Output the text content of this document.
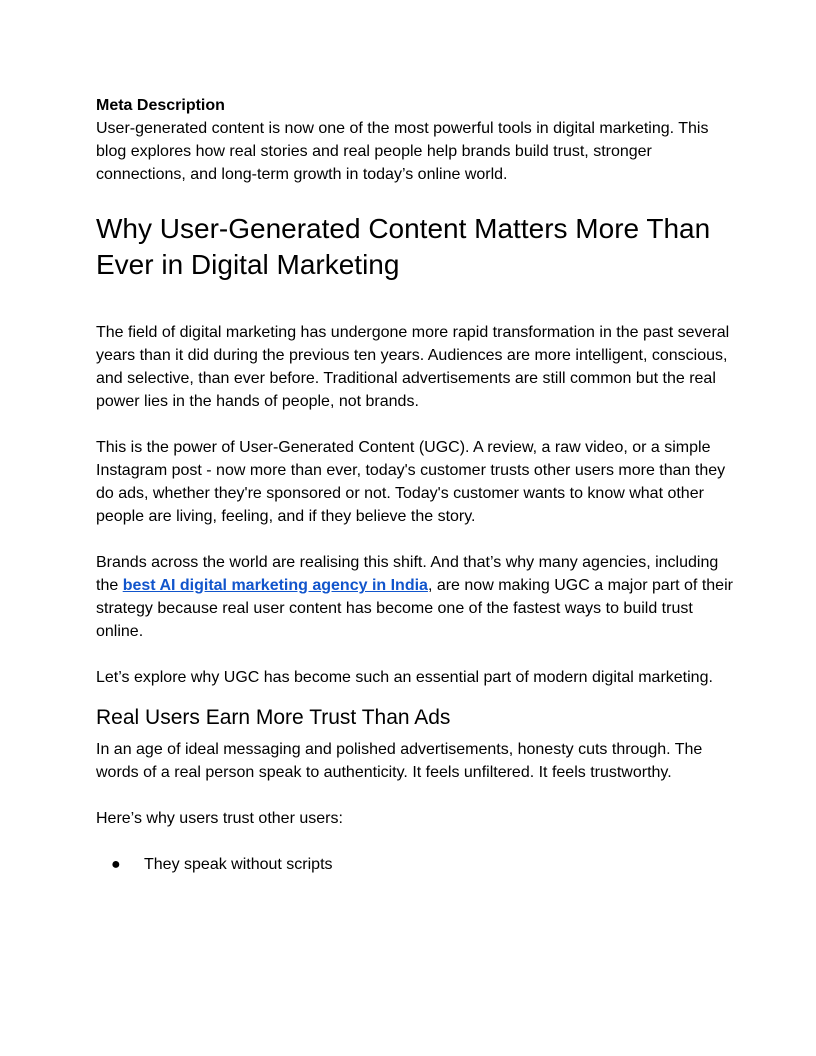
Meta Description
User-generated content is now one of the most powerful tools in digital marketing. This blog explores how real stories and real people help brands build trust, stronger connections, and long-term growth in today’s online world.

Why User-Generated Content Matters More Than Ever in Digital Marketing

The field of digital marketing has undergone more rapid transformation in the past several years than it did during the previous ten years. Audiences are more intelligent, conscious, and selective, than ever before. Traditional advertisements are still common but the real power lies in the hands of people, not brands.

This is the power of User-Generated Content (UGC). A review, a raw video, or a simple Instagram post - now more than ever, today's customer trusts other users more than they do ads, whether they're sponsored or not. Today's customer wants to know what other people are living, feeling, and if they believe the story.

Brands across the world are realising this shift. And that’s why many agencies, including the best AI digital marketing agency in India, are now making UGC a major part of their strategy because real user content has become one of the fastest ways to build trust online.

Let’s explore why UGC has become such an essential part of modern digital marketing.

Real Users Earn More Trust Than Ads

In an age of ideal messaging and polished advertisements, honesty cuts through. The words of a real person speak to authenticity. It feels unfiltered. It feels trustworthy.

Here’s why users trust other users:

● They speak without scripts
